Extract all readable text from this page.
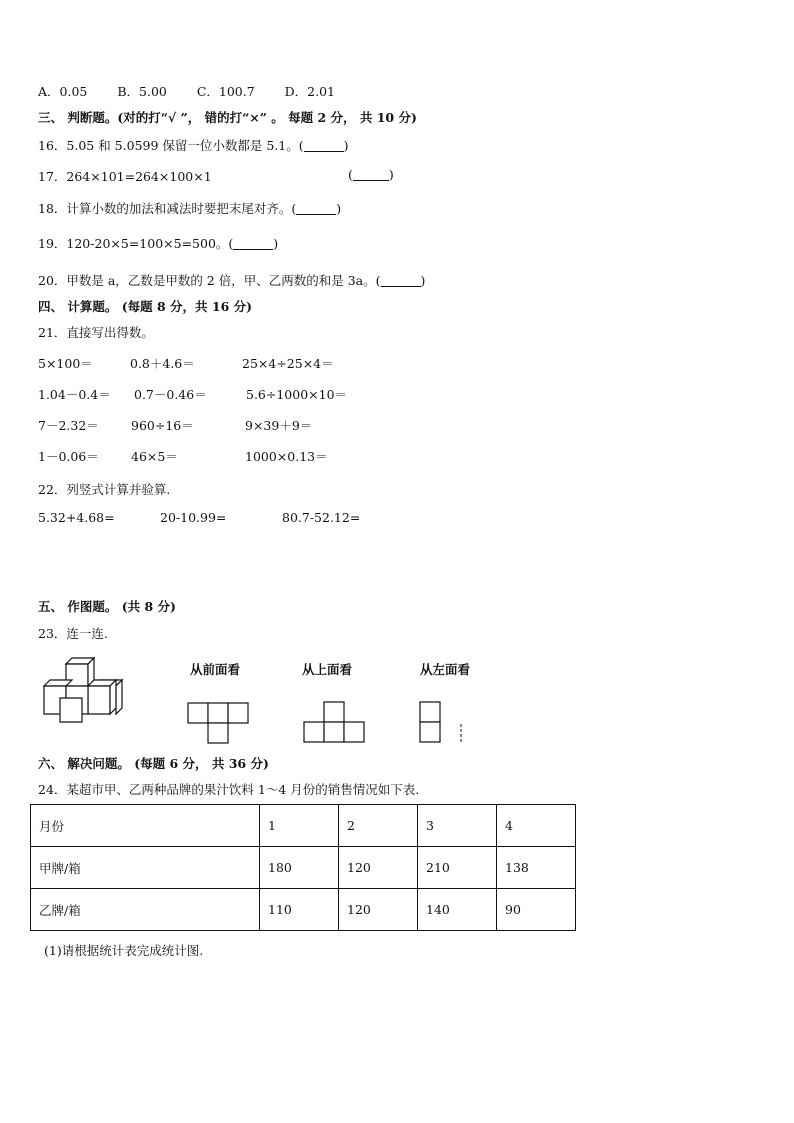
A．0.05 B．5.00 C．100.7 D．2.01
三、 判断题。(对的打“√ ”， 错的打“×” 。 每题 2 分， 共 10 分)
16．5.05 和 5.0599 保留一位小数都是 5.1。(	)
17．264×101=264×100×1	(	)
18．计算小数的加法和减法时要把末尾对齐。(	)
19．120-20×5=100×5=500。(	)
20．甲数是 a，乙数是甲数的 2 倍，甲、乙两数的和是 3a。(	)
四、 计算题。 (每题 8 分，共 16 分)
21．直接写出得数。
5×100＝	0.8＋4.6＝	25×4÷25×4＝
1.04－0.4＝ 0.7－0.46＝	5.6÷1000×10＝
7－2.32＝	960÷16＝	9×39＋9＝
1－0.06＝	46×5＝	1000×0.13＝
22．列竖式计算并验算.
5.32+4.68=	20-10.99=	80.7-52.12=
五、 作图题。 (共 8 分)
23．连一连.
从前面看	从上面看	从左面看
六、 解决问题。 (每题 6 分， 共 36 分)
24．某超市甲、乙两种品牌的果汁饮料 1～4 月份的销售情况如下表.
月份	1	2	3	4
甲牌/箱	180	120	210	138
乙牌/箱	110	120	140	90
(1)请根据统计表完成统计图.
